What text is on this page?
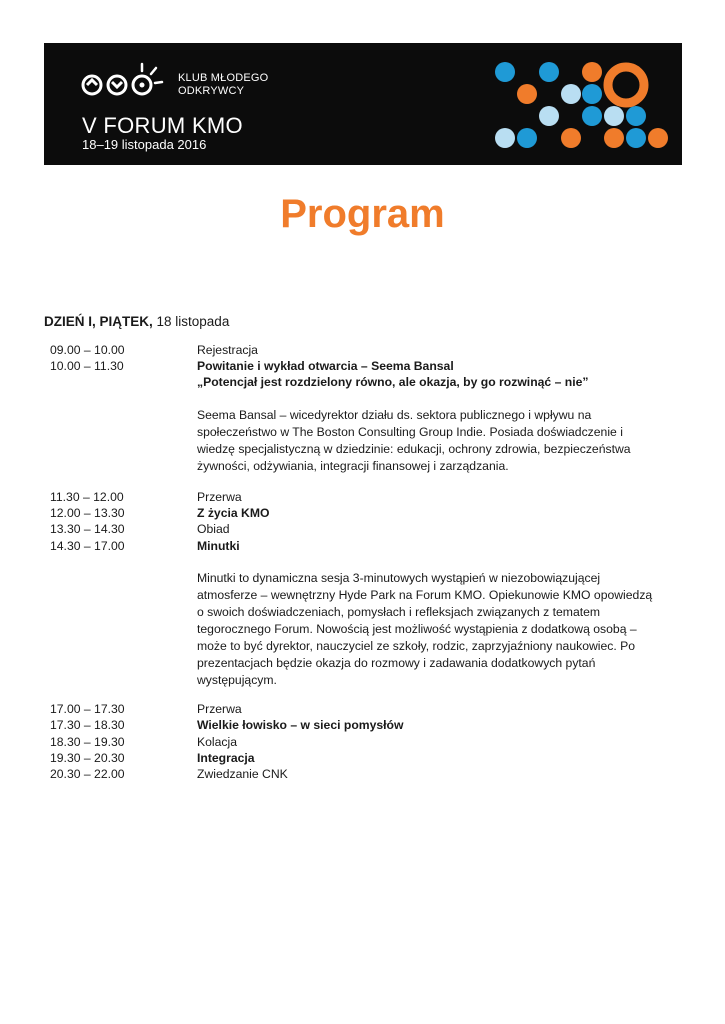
KLUB MŁODEGO
ODKRYWCY
V FORUM KMO
18–19 listopada 2016
Program
DZIEŃ I, PIĄTEK, 18 listopada
09.00 – 10.00	Rejestracja
10.00 – 11.30	Powitanie i wykład otwarcia – Seema Bansal
„Potencjał jest rozdzielony równo, ale okazja, by go rozwinąć – nie”
Seema Bansal – wicedyrektor działu ds. sektora publicznego i wpływu na
społeczeństwo w The Boston Consulting Group Indie. Posiada doświadczenie i
wiedzę specjalistyczną w dziedzinie: edukacji, ochrony zdrowia, bezpieczeństwa
żywności, odżywiania, integracji finansowej i zarządzania.
11.30 – 12.00	Przerwa
12.00 – 13.30	Z życia KMO
13.30 – 14.30	Obiad
14.30 – 17.00	Minutki
Minutki to dynamiczna sesja 3-minutowych wystąpień w niezobowiązującej
atmosferze – wewnętrzny Hyde Park na Forum KMO. Opiekunowie KMO opowiedzą
o swoich doświadczeniach, pomysłach i refleksjach związanych z tematem
tegorocznego Forum. Nowością jest możliwość wystąpienia z dodatkową osobą –
może to być dyrektor, nauczyciel ze szkoły, rodzic, zaprzyjaźniony naukowiec. Po
prezentacjach będzie okazja do rozmowy i zadawania dodatkowych pytań
występującym.
17.00 – 17.30	Przerwa
17.30 – 18.30	Wielkie łowisko – w sieci pomysłów
18.30 – 19.30	Kolacja
19.30 – 20.30	Integracja
20.30 – 22.00	Zwiedzanie CNK
